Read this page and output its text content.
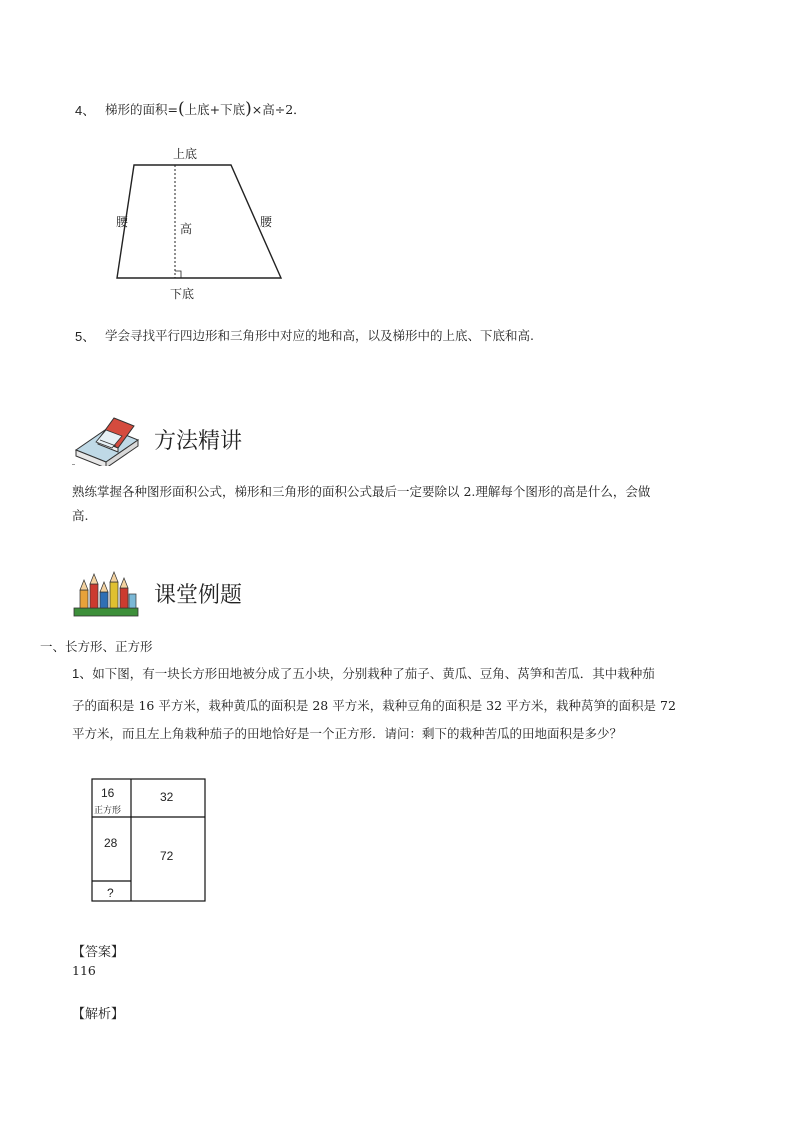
4、 梯形的面积=(上底+下底)×高÷2．
上底
腰	腰
高
下底
5、 学会寻找平行四边形和三角形中对应的地和高，以及梯形中的上底、下底和高.
方法精讲
熟练掌握各种图形面积公式，梯形和三角形的面积公式最后一定要除以 2.理解每个图形的高是什么，会做
高.
课堂例题
一、长方形、正方形
1、如下图，有一块长方形田地被分成了五小块，分别栽种了茄子、黄瓜、豆角、莴笋和苦瓜．其中栽种茄
子的面积是 16 平方米，栽种黄瓜的面积是 28 平方米，栽种豆角的面积是 32 平方米，栽种莴笋的面积是 72
平方米，而且左上角栽种茄子的田地恰好是一个正方形．请问：剩下的栽种苦瓜的田地面积是多少？
16
正方形
32
28
72
?
【答案】
116
【解析】
